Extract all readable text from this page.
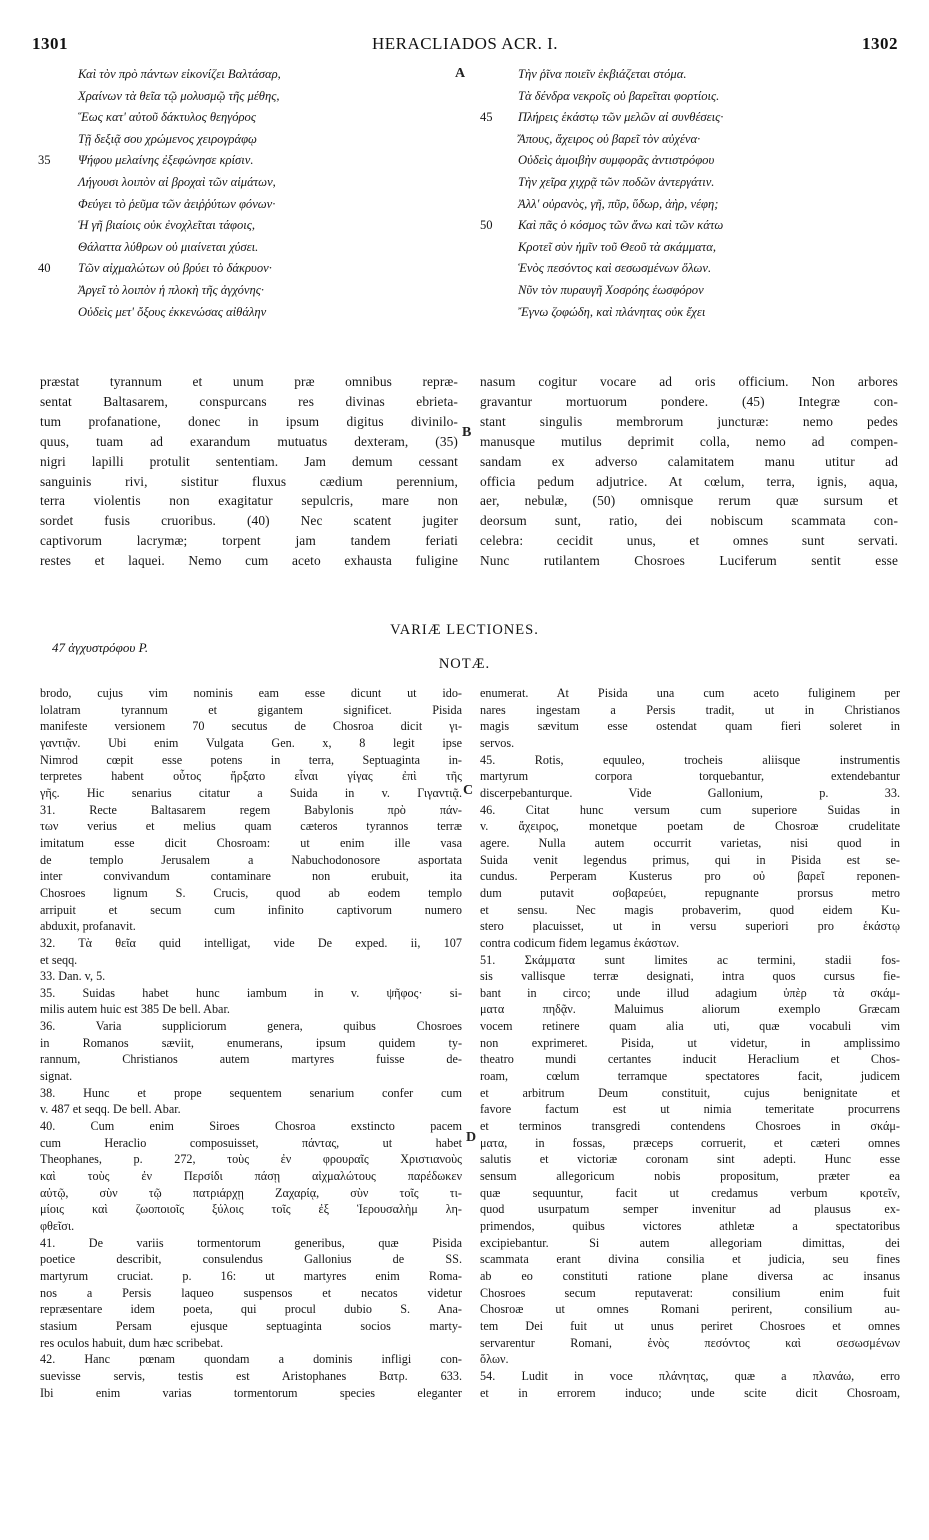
1301	HERACLIADOS ACR. I.	1302
Καὶ τὸν πρὸ πάντων εἰκονίζει Βαλτάσαρ,
Χραίνων τὰ θεῖα τῷ μολυσμῷ τῆς μέθης,
Ἕως κατ' αὐτοῦ δάκτυλος θεηγόρος
Τῇ δεξιᾷ σου χρώμενος χειρογράφῳ
35 Ψήφου μελαίνης ἐξεφώνησε κρίσιν.
Λήγουσι λοιπὸν αἱ βροχαὶ τῶν αἱμάτων,
Φεύγει τὸ ῥεῦμα τῶν ἀειῤῥύτων φόνων·
Ἡ γῆ βιαίοις οὐκ ἐνοχλεῖται τάφοις,
Θάλαττα λύθρων οὐ μιαίνεται χύσει.
40 Τῶν αἰχμαλώτων οὐ βρύει τὸ δάκρυον·
Ἀργεῖ τὸ λοιπὸν ἡ πλοκὴ τῆς ἀγχόνης·
Οὐδεὶς μετ' ὄξους ἐκκενώσας αἰθάλην
Τὴν ῥῖνα ποιεῖν ἐκβιάζεται στόμα.
Τὰ δένδρα νεκροῖς οὐ βαρεῖται φορτίοις.
45 Πλήρεις ἑκάστῳ τῶν μελῶν αἱ συνθέσεις·
Ἄπους, ἄχειρος οὐ βαρεῖ τὸν αὐχένα·
Οὐδεὶς ἀμοιβὴν συμφορᾶς ἀντιστρόφου
Τὴν χεῖρα χιχρᾷ τῶν ποδῶν ἀντεργάτιν.
Ἀλλ' οὐρανὸς, γῆ, πῦρ, ὕδωρ, ἀὴρ, νέφη;
50 Καὶ πᾶς ὁ κόσμος τῶν ἄνω καὶ τῶν κάτω
Κροτεῖ σὺν ἡμῖν τοῦ Θεοῦ τὰ σκάμματα,
Ἑνὸς πεσόντος καὶ σεσωσμένων ὅλων.
Νῦν τὸν πυραυγῆ Χοσρόης ἑωσφόρον
Ἔγνω ζοφώδη, καὶ πλάνητας οὐκ ἔχει
A
B
C
D
præstat tyrannum et unum præ omnibus repræ-
sentat Baltasarem, conspurcans res divinas ebrieta-
tum profanatione, donec in ipsum digitus divinilo-
quus, tuam ad exarandum mutuatus dexteram, (35)
nigri lapilli protulit sententiam. Jam demum cessant
sanguinis rivi, sistitur fluxus cædium perennium,
terra violentis non exagitatur sepulcris, mare non
sordet fusis cruoribus. (40) Nec scatent jugiter
captivorum lacrymæ; torpent jam tandem feriati
restes et laquei. Nemo cum aceto exhausta fuligine
nasum cogitur vocare ad oris officium. Non arbores
gravantur mortuorum pondere. (45) Integræ con-
stant singulis membrorum juncturæ: nemo pedes
manusque mutilus deprimit colla, nemo ad compen-
sandam ex adverso calamitatem manu utitur ad
officia pedum adjutrice. At cœlum, terra, ignis, aqua,
aer, nebulæ, (50) omnisque rerum quæ sursum et
deorsum sunt, ratio, dei nobiscum scammata con-
celebra: cecidit unus, et omnes sunt servati.
Nunc rutilantem Chosroes Luciferum sentit esse
VARIÆ LECTIONES.
47 ἀγχυστρόφου P.
NOTÆ.
brodo, cujus vim nominis eam esse dicunt ut ido-
lolatram tyrannum et gigantem significet. Pisida
manifeste versionem 70 secutus de Chosroa dicit γι-
γαντιᾷν. Ubi enim Vulgata Gen. x, 8 legit ipse
Nimrod cœpit esse potens in terra, Septuaginta in-
terpretes habent οὗτος ἤρξατο εἶναι γίγας ἐπὶ τῆς
γῆς. Hic senarius citatur a Suida in v. Γιγαντιᾷ.
31. Recte Baltasarem regem Babylonis πρὸ πάν-
των verius et melius quam cæteros tyrannos terræ
imitatum esse dicit Chosroam: ut enim ille vasa
de templo Jerusalem a Nabuchodonosore asportata
inter convivandum contaminare non erubuit, ita
Chosroes lignum S. Crucis, quod ab eodem templo
arripuit et secum cum infinito captivorum numero
abduxit, profanavit.
32. Τὰ θεῖα quid intelligat, vide De exped. ii, 107
et seqq.
33. Dan. v, 5.
35. Suidas habet hunc iambum in v. ψῆφος· si-
milis autem huic est 385 De bell. Abar.
36. Varia suppliciorum genera, quibus Chosroes
in Romanos sæviit, enumerans, ipsum quidem ty-
rannum, Christianos autem martyres fuisse de-
signat.
38. Hunc et prope sequentem senarium confer cum
v. 487 et seqq. De bell. Abar.
40. Cum enim Siroes Chosroa exstincto pacem
cum Heraclio composuisset, πάντας, ut habet
Theophanes, p. 272, τοὺς ἐν φρουραῖς Χριστιανοὺς
καὶ τοὺς ἐν Περσίδι πάσῃ αἰχμαλώτους παρέδωκεν
αὐτῷ, σὺν τῷ πατριάρχῃ Ζαχαρίᾳ, σὺν τοῖς τι-
μίοις καὶ ζωοποιοῖς ξύλοις τοῖς ἐξ Ἱερουσαλὴμ λη-
φθεῖσι.
41. De variis tormentorum generibus, quæ Pisida
poetice describit, consulendus Gallonius de SS.
martyrum cruciat. p. 16: ut martyres enim Roma-
nos a Persis laqueo suspensos et necatos videtur
repræsentare idem poeta, qui procul dubio S. Ana-
stasium Persam ejusque septuaginta socios marty-
res oculos habuit, dum hæc scribebat.
42. Hanc pœnam quondam a dominis infligi con-
suevisse servis, testis est Aristophanes Βατρ. 633.
Ibi enim varias tormentorum species eleganter
enumerat. At Pisida una cum aceto fuliginem per
nares ingestam a Persis tradit, ut in Christianos
magis sævitum esse ostendat quam fieri soleret in
servos.
45. Rotis, equuleo, trocheis aliisque instrumentis
martyrum corpora torquebantur, extendebantur
discerpebanturque. Vide Gallonium, p. 33.
46. Citat hunc versum cum superiore Suidas in
v. ἄχειρος, monetque poetam de Chosroæ crudelitate
agere. Nulla autem occurrit varietas, nisi quod in
Suida venit legendus primus, qui in Pisida est se-
cundus. Perperam Kusterus pro οὐ βαρεῖ reponen-
dum putavit σοβαρεύει, repugnante prorsus metro
et sensu. Nec magis probaverim, quod eidem Ku-
stero placuisset, ut in versu superiori pro ἑκάστῳ
contra codicum fidem legamus ἑκάστων.
51. Σκάμματα sunt limites ac termini, stadii fos-
sis vallisque terræ designati, intra quos cursus fie-
bant in circo; unde illud adagium ὑπὲρ τὰ σκάμ-
ματα πηδᾷν. Maluimus aliorum exemplo Græcam
vocem retinere quam alia uti, quæ vocabuli vim
non exprimeret. Pisida, ut videtur, in amplissimo
theatro mundi certantes inducit Heraclium et Chos-
roam, cœlum terramque spectatores facit, judicem
et arbitrum Deum constituit, cujus benignitate et
favore factum est ut nimia temeritate procurrens
et terminos transgredi contendens Chosroes in σκάμ-
ματα, in fossas, præceps corruerit, et cæteri omnes
salutis et victoriæ coronam sint adepti. Hunc esse
sensum allegoricum nobis propositum, præter ea
quæ sequuntur, facit ut credamus verbum κροτεῖν,
quod usurpatum semper invenitur ad plausus ex-
primendos, quibus victores athletæ a spectatoribus
excipiebantur. Si autem allegoriam dimittas, dei
scammata erant divina consilia et judicia, seu fines
ab eo constituti ratione plane diversa ac insanus
Chosroes secum reputaverat: consilium enim fuit
Chosroæ ut omnes Romani perirent, consilium au-
tem Dei fuit ut unus periret Chosroes et omnes
servarentur Romani, ἑνὸς πεσόντος καὶ σεσωσμένων
ὅλων.
54. Ludit in voce πλάνητας, quæ a πλανάω, erro
et in errorem induco; unde scite dicit Chosroam,
